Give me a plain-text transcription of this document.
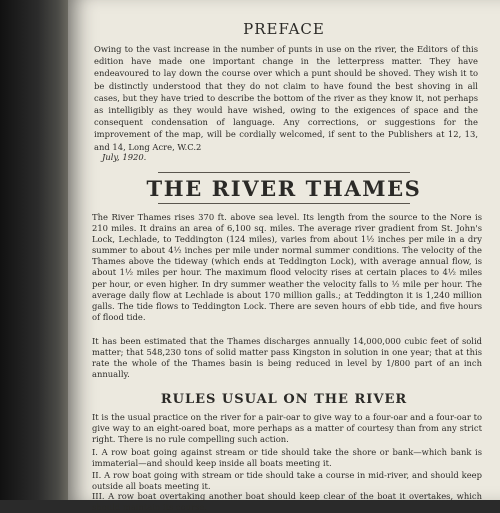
PREFACE

Owing to the vast increase in the number of punts in use on the river, the Editors of this edition have made one important change in the letterpress matter. They have endeavoured to lay down the course over which a punt should be shoved. They wish it to be distinctly understood that they do not claim to have found the best shoving in all cases, but they have tried to describe the bottom of the river as they know it, not perhaps as intelligibly as they would have wished, owing to the exigences of space and the consequent condensation of language. Any corrections, or suggestions for the improvement of the map, will be cordially welcomed, if sent to the Publishers at 12, 13, and 14, Long Acre, W.C.2

July, 1920.

THE RIVER THAMES

The River Thames rises 370 ft. above sea level. Its length from the source to the Nore is 210 miles. It drains an area of 6,100 sq. miles. The average river gradient from St. John's Lock, Lechlade, to Teddington (124 miles), varies from about 1½ inches per mile in a dry summer to about 4½ inches per mile under normal summer conditions. The velocity of the Thames above the tideway (which ends at Teddington Lock), with average annual flow, is about 1½ miles per hour. The maximum flood velocity rises at certain places to 4½ miles per hour, or even higher. In dry summer weather the velocity falls to ½ mile per hour. The average daily flow at Lechlade is about 170 million galls.; at Teddington it is 1,240 million galls. The tide flows to Teddington Lock. There are seven hours of ebb tide, and five hours of flood tide.

It has been estimated that the Thames discharges annually 14,000,000 cubic feet of solid matter; that 548,230 tons of solid matter pass Kingston in solution in one year; that at this rate the whole of the Thames basin is being reduced in level by 1/800 part of an inch annually.

RULES USUAL ON THE RIVER

It is the usual practice on the river for a pair-oar to give way to a four-oar and a four-oar to give way to an eight-oared boat, more perhaps as a matter of courtesy than from any strict right. There is no rule compelling such action.

I. A row boat going against stream or tide should take the shore or bank—which bank is immaterial—and should keep inside all boats meeting it.

II. A row boat going with stream or tide should take a course in mid-river, and should keep outside all boats meeting it.

III. A row boat overtaking another boat should keep clear of the boat it overtakes, which should maintain its course.
